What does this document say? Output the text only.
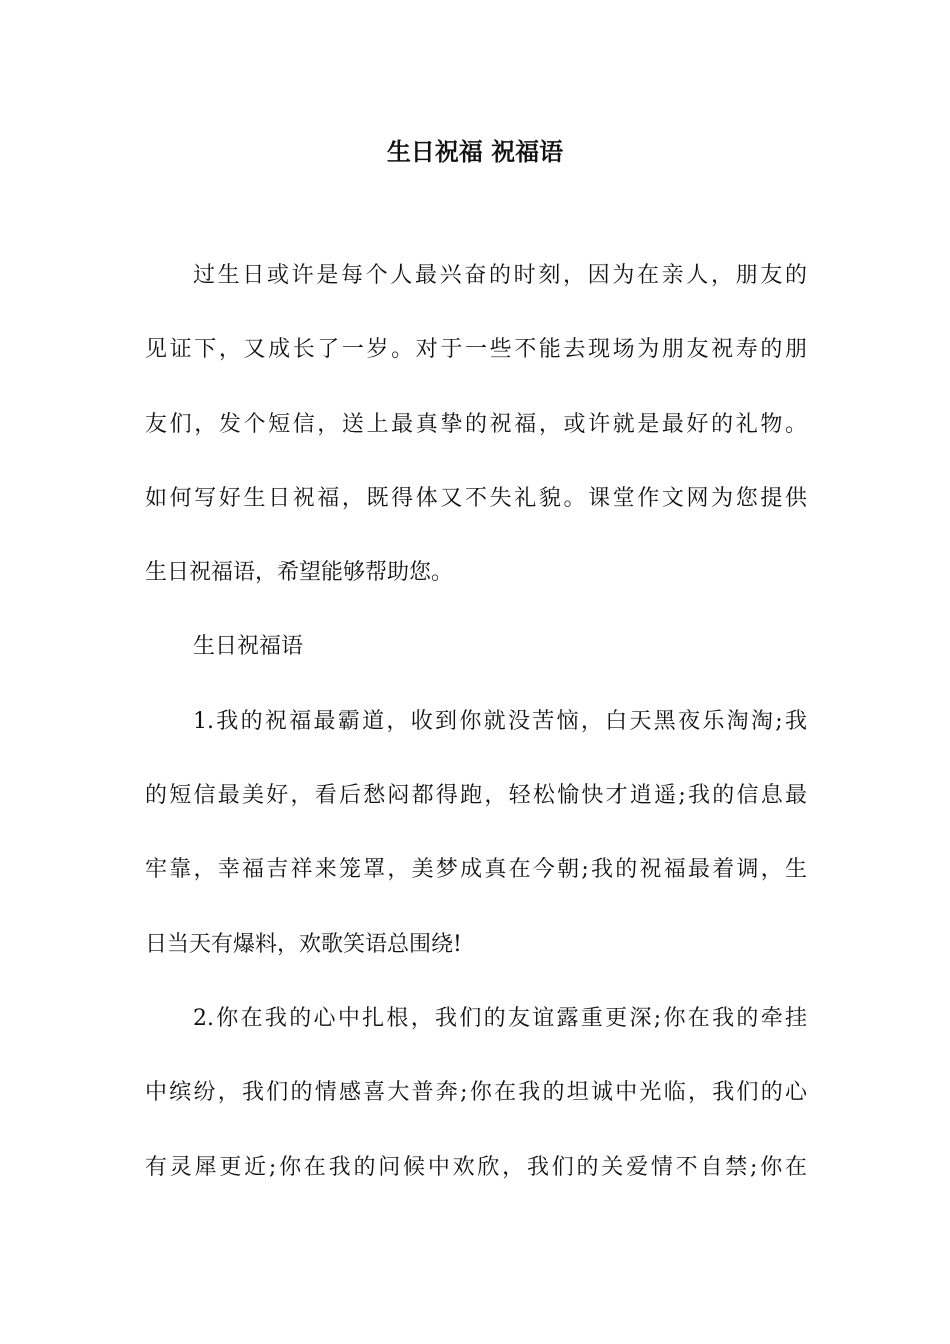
生日祝福 祝福语
过生日或许是每个人最兴奋的时刻，因为在亲人，朋友的
见证下，又成长了一岁。对于一些不能去现场为朋友祝寿的朋
友们，发个短信，送上最真挚的祝福，或许就是最好的礼物。
如何写好生日祝福，既得体又不失礼貌。课堂作文网为您提供
生日祝福语，希望能够帮助您。
生日祝福语
1.我的祝福最霸道，收到你就没苦恼，白天黑夜乐淘淘;我
的短信最美好，看后愁闷都得跑，轻松愉快才逍遥;我的信息最
牢靠，幸福吉祥来笼罩，美梦成真在今朝;我的祝福最着调，生
日当天有爆料，欢歌笑语总围绕!
2.你在我的心中扎根，我们的友谊露重更深;你在我的牵挂
中缤纷，我们的情感喜大普奔;你在我的坦诚中光临，我们的心
有灵犀更近;你在我的问候中欢欣，我们的关爱情不自禁;你在
